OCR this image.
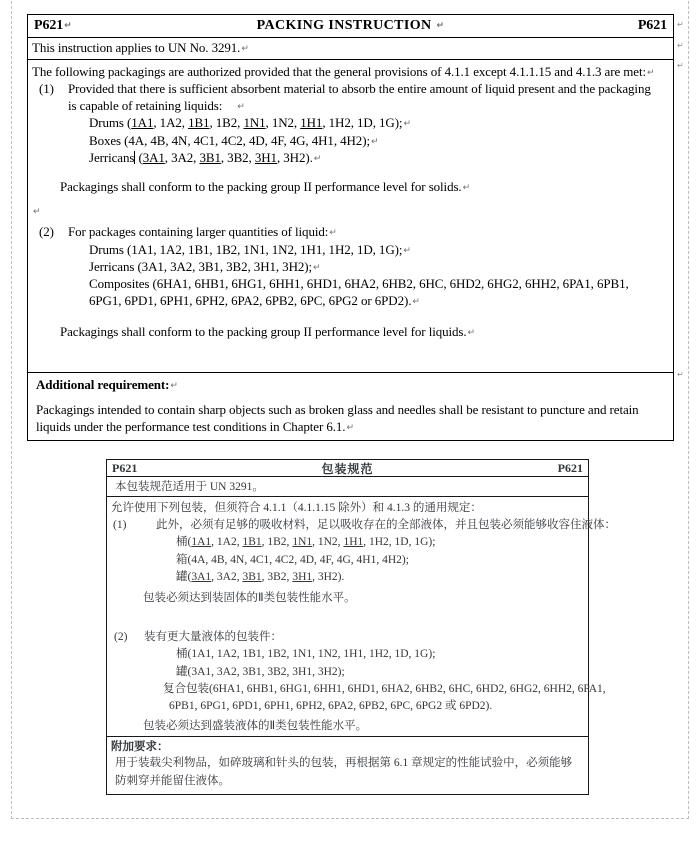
P621↵	PACKING INSTRUCTION ↵	P621
This instruction applies to UN No. 3291.↵
The following packagings are authorized provided that the general provisions of 4.1.1 except 4.1.1.15 and 4.1.3 are met:↵
(1) Provided that there is sufficient absorbent material to absorb the entire amount of liquid present and the packaging
is capable of retaining liquids: ↵
Drums (1A1, 1A2, 1B1, 1B2, 1N1, 1N2, 1H1, 1H2, 1D, 1G);↵
Boxes (4A, 4B, 4N, 4C1, 4C2, 4D, 4F, 4G, 4H1, 4H2);↵
Jerricans (3A1, 3A2, 3B1, 3B2, 3H1, 3H2).↵
Packagings shall conform to the packing group II performance level for solids.↵
↵
(2) For packages containing larger quantities of liquid:↵
Drums (1A1, 1A2, 1B1, 1B2, 1N1, 1N2, 1H1, 1H2, 1D, 1G);↵
Jerricans (3A1, 3A2, 3B1, 3B2, 3H1, 3H2);↵
Composites (6HA1, 6HB1, 6HG1, 6HH1, 6HD1, 6HA2, 6HB2, 6HC, 6HD2, 6HG2, 6HH2, 6PA1, 6PB1,
6PG1, 6PD1, 6PH1, 6PH2, 6PA2, 6PB2, 6PC, 6PG2 or 6PD2).↵
Packagings shall conform to the packing group II performance level for liquids.↵
Additional requirement:↵
Packagings intended to contain sharp objects such as broken glass and needles shall be resistant to puncture and retain liquids under the performance test conditions in Chapter 6.1.↵
↵
↵
↵
↵
P621	包装规范	P621
本包装规范适用于 UN 3291。
允许使用下列包装，但须符合 4.1.1（4.1.1.15 除外）和 4.1.3 的通用规定：
(1)	此外，必须有足够的吸收材料，足以吸收存在的全部液体，并且包装必须能够收容住液体：
桶(1A1, 1A2, 1B1, 1B2, 1N1, 1N2, 1H1, 1H2, 1D, 1G);
箱(4A, 4B, 4N, 4C1, 4C2, 4D, 4F, 4G, 4H1, 4H2);
罐(3A1, 3A2, 3B1, 3B2, 3H1, 3H2).
包装必须达到装固体的Ⅱ类包装性能水平。
(2) 装有更大量液体的包装件：
桶(1A1, 1A2, 1B1, 1B2, 1N1, 1N2, 1H1, 1H2, 1D, 1G);
罐(3A1, 3A2, 3B1, 3B2, 3H1, 3H2);
复合包装(6HA1, 6HB1, 6HG1, 6HH1, 6HD1, 6HA2, 6HB2, 6HC, 6HD2, 6HG2, 6HH2, 6PA1,
6PB1, 6PG1, 6PD1, 6PH1, 6PH2, 6PA2, 6PB2, 6PC, 6PG2 或 6PD2).
包装必须达到盛装液体的Ⅱ类包装性能水平。
附加要求：
用于装载尖利物品，如碎玻璃和针头的包装，再根据第 6.1 章规定的性能试验中，必须能够防刺穿并能留住液体。
